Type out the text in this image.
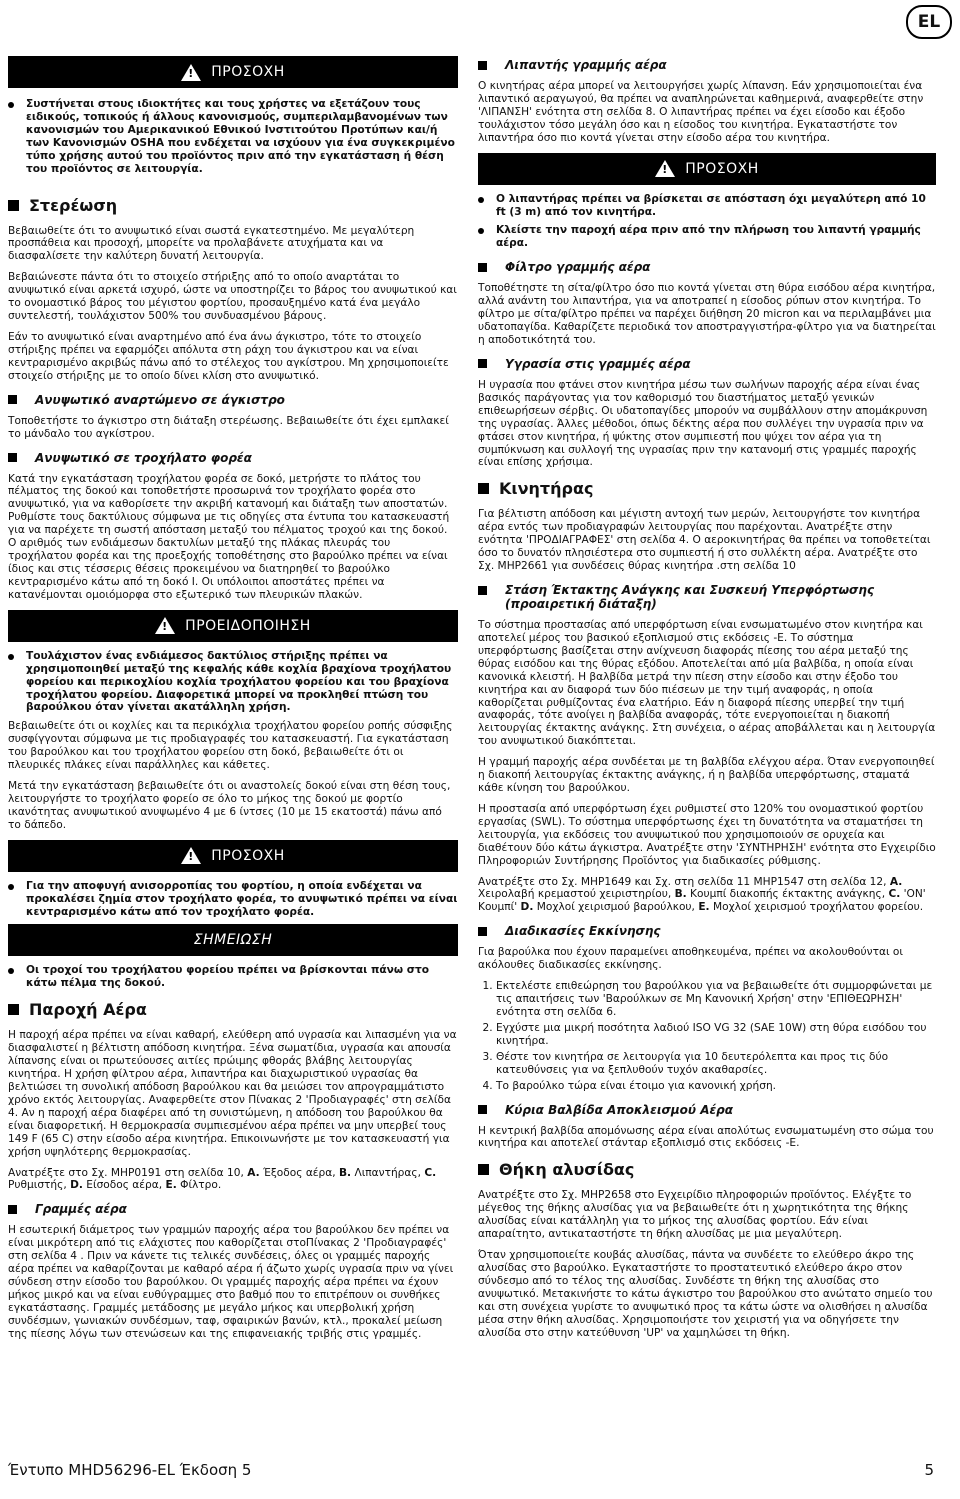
EL
!
ΠΡΟΣΟΧΗ
Συστήνεται στους ιδιοκτήτες και τους χρήστες να εξετάζουν τους ειδικούς, τοπικούς ή άλλους κανονισμούς, συμπεριλαμβανομένων των κανονισμών του Αμερικανικού Εθνικού Ινστιτούτου Προτύπων και/ή των Κανονισμών OSHA που ενδέχεται να ισχύουν για ένα συγκεκριμένο τύπο χρήσης αυτού του προϊόντος πριν από την εγκατάσταση ή θέση του προϊόντος σε λειτουργία.
Στερέωση

Βεβαιωθείτε ότι το ανυψωτικό είναι σωστά εγκατεστημένο. Με μεγαλύτερη προσπάθεια και προσοχή, μπορείτε να προλαβάνετε ατυχήματα και να διασφαλίσετε την καλύτερη δυνατή λειτουργία.

Βεβαιώνεστε πάντα ότι το στοιχείο στήριξης από το οποίο αναρτάται το ανυψωτικό είναι αρκετά ισχυρό, ώστε να υποστηρίζει το βάρος του ανυψωτικού και το ονομαστικό βάρος του μέγιστου φορτίου, προσαυξημένο κατά ένα μεγάλο συντελεστή, τουλάχιστον 500% του συνδυασμένου βάρους.

Εάν το ανυψωτικό είναι αναρτημένο από ένα άνω άγκιστρο, τότε το στοιχείο στήριξης πρέπει να εφαρμόζει απόλυτα στη ράχη του άγκιστρου και να είναι κεντραρισμένο ακριβώς πάνω από το στέλεχος του αγκίστρου. Μη χρησιμοποιείτε στοιχείο στήριξης με το οποίο δίνει κλίση στο ανυψωτικό.

Ανυψωτικό αναρτώμενο σε άγκιστρο

Τοποθετήστε το άγκιστρο στη διάταξη στερέωσης. Βεβαιωθείτε ότι έχει εμπλακεί το μάνδαλο του αγκίστρου.

Ανυψωτικό σε τροχήλατο φορέα

Κατά την εγκατάσταση τροχήλατου φορέα σε δοκό, μετρήστε το πλάτος του πέλματος της δοκού και τοποθετήστε προσωρινά τον τροχήλατο φορέα στο ανυψωτικό, για να καθορίσετε την ακριβή κατανομή και διάταξη των αποστατών. Ρυθμίστε τους δακτύλιους σύμφωνα με τις οδηγίες στα έντυπα του κατασκευαστή για να παρέχετε τη σωστή απόσταση μεταξύ του πέλματος τροχού και της δοκού. Ο αριθμός των ενδιάμεσων δακτυλίων μεταξύ της πλάκας πλευράς του τροχήλατου φορέα και της προεξοχής τοποθέτησης στο βαρούλκο πρέπει να είναι ίδιος και στις τέσσερις θέσεις προκειμένου να διατηρηθεί το βαρούλκο κεντραρισμένο κάτω από τη δοκό Ι. Οι υπόλοιποι αποστάτες πρέπει να κατανέμονται ομοιόμορφα στο εξωτερικό των πλευρικών πλακών.

!
ΠΡΟΕΙΔΟΠΟΙΗΣΗ
Τουλάχιστον ένας ενδιάμεσος δακτύλιος στήριξης πρέπει να χρησιμοποιηθεί μεταξύ της κεφαλής κάθε κοχλία βραχίονα τροχήλατου φορείου και περικοχλίου κοχλία τροχήλατου φορείου και του βραχίονα τροχήλατου φορείου. Διαφορετικά μπορεί να προκληθεί πτώση του βαρούλκου όταν γίνεται ακατάλληλη χρήση.

Βεβαιωθείτε ότι οι κοχλίες και τα περικόχλια τροχήλατου φορείου ροπής σύσφιξης συσφίγγονται σύμφωνα με τις προδιαγραφές του κατασκευαστή. Για εγκατάσταση του βαρούλκου και του τροχήλατου φορείου στη δοκό, βεβαιωθείτε ότι οι πλευρικές πλάκες είναι παράλληλες και κάθετες.

Μετά την εγκατάσταση βεβαιωθείτε ότι οι αναστολείς δοκού είναι στη θέση τους, λειτουργήστε το τροχήλατο φορείο σε όλο το μήκος της δοκού με φορτίο ικανότητας ανυψωτικού ανυψωμένο 4 με 6 ίντσες (10 με 15 εκατοστά) πάνω από το δάπεδο.

!
ΠΡΟΣΟΧΗ
Για την αποφυγή ανισορροπίας του φορτίου, η οποία ενδέχεται να προκαλέσει ζημία στον τροχήλατο φορέα, το ανυψωτικό πρέπει να είναι κεντραρισμένο κάτω από τον τροχήλατο φορέα.
ΣΗΜΕΙΩΣΗ
Οι τροχοί του τροχήλατου φορείου πρέπει να βρίσκονται πάνω στο κάτω πέλμα της δοκού.
Παροχή Αέρα

Η παροχή αέρα πρέπει να είναι καθαρή, ελεύθερη από υγρασία και λιπασμένη για να διασφαλιστεί η βέλτιστη απόδοση κινητήρα. Ξένα σωματίδια, υγρασία και απουσία λίπανσης είναι οι πρωτεύουσες αιτίες πρώιμης φθοράς βλάβης λειτουργίας κινητήρα. Η χρήση φίλτρου αέρα, λιπαντήρα και διαχωριστικού υγρασίας θα βελτιώσει τη συνολική απόδοση βαρούλκου και θα μειώσει τον απρογραμμάτιστο χρόνο εκτός λειτουργίας. Αναφερθείτε στον Πίνακας 2 'Προδιαγραφές' στη σελίδα 4. Αν η παροχή αέρα διαφέρει από τη συνιστώμενη, η απόδοση του βαρούλκου θα είναι διαφορετική. Η θερμοκρασία συμπιεσμένου αέρα πρέπει να μην υπερβεί τους 149 F (65 C) στην είσοδο αέρα κινητήρα. Επικοινωνήστε με τον κατασκευαστή για χρήση υψηλότερης θερμοκρασίας.

Ανατρέξτε στο Σχ. MHP0191 στη σελίδα 10, A. Έξοδος αέρα, B. Λιπαντήρας, C. Ρυθμιστής, D. Είσοδος αέρα, E. Φίλτρο.

Γραμμές αέρα

Η εσωτερική διάμετρος των γραμμών παροχής αέρα του βαρούλκου δεν πρέπει να είναι μικρότερη από τις ελάχιστες που καθορίζεται στοΠίνακας 2 'Προδιαγραφές' στη σελίδα 4 . Πριν να κάνετε τις τελικές συνδέσεις, όλες οι γραμμές παροχής αέρα πρέπει να καθαρίζονται με καθαρό αέρα ή άζωτο χωρίς υγρασία πριν να γίνει σύνδεση στην είσοδο του βαρούλκου. Οι γραμμές παροχής αέρα πρέπει να έχουν μήκος μικρό και να είναι ευθύγραμμες στο βαθμό που το επιτρέπουν οι συνθήκες εγκατάστασης. Γραμμές μετάδοσης με μεγάλο μήκος και υπερβολική χρήση συνδέσμων, γωνιακών συνδέσμων, ταφ, σφαιρικών βανών, κτλ., προκαλεί μείωση της πίεσης λόγω των στενώσεων και της επιφανειακής τριβής στις γραμμές.

Λιπαντής γραμμής αέρα

Ο κινητήρας αέρα μπορεί να λειτουργήσει χωρίς λίπανση. Εάν χρησιμοποιείται ένα λιπαντικό αεραγωγού, θα πρέπει να αναπληρώνεται καθημερινά, αναφερθείτε στην 'ΛΙΠΑΝΣΗ' ενότητα στη σελίδα 8. Ο λιπαντήρας πρέπει να έχει είσοδο και έξοδο τουλάχιστον τόσο μεγάλη όσο και η είσοδος του κινητήρα. Εγκαταστήστε τον λιπαντήρα όσο πιο κοντά γίνεται στην είσοδο αέρα του κινητήρα.

!
ΠΡΟΣΟΧΗ
Ο λιπαντήρας πρέπει να βρίσκεται σε απόσταση όχι μεγαλύτερη από 10 ft (3 m) από τον κινητήρα.
Κλείστε την παροχή αέρα πριν από την πλήρωση του λιπαντή γραμμής αέρα.
Φίλτρο γραμμής αέρα

Τοποθέτηστε τη σίτα/φίλτρο όσο πιο κοντά γίνεται στη θύρα εισόδου αέρα κινητήρα, αλλά ανάντη του λιπαντήρα, για να αποτραπεί η είσοδος ρύπων στον κινητήρα. Το φίλτρο με σίτα/φίλτρο πρέπει να παρέχει διήθηση 20 micron και να περιλαμβάνει μια υδατοπαγίδα. Καθαρίζετε περιοδικά τον αποστραγγιστήρα-φίλτρο για να διατηρείται η αποδοτικότητά του.

Υγρασία στις γραμμές αέρα

Η υγρασία που φτάνει στον κινητήρα μέσω των σωλήνων παροχής αέρα είναι ένας βασικός παράγοντας για τον καθορισμό του διαστήματος μεταξύ γενικών επιθεωρήσεων σέρβις. Οι υδατοπαγίδες μπορούν να συμβάλλουν στην απομάκρυνση της υγρασίας. Άλλες μέθοδοι, όπως δέκτης αέρα που συλλέγει την υγρασία πριν να φτάσει στον κινητήρα, ή ψύκτης στον συμπιεστή που ψύχει τον αέρα για τη συμπύκνωση και συλλογή της υγρασίας πριν την κατανομή στις γραμμές παροχής είναι επίσης χρήσιμα.

Κινητήρας

Για βέλτιστη απόδοση και μέγιστη αντοχή των μερών, λειτουργήστε τον κινητήρα αέρα εντός των προδιαγραφών λειτουργίας που παρέχονται. Ανατρέξτε στην ενότητα 'ΠΡΟΔΙΑΓΡΑΦΕΣ' στη σελίδα 4. Ο αεροκινητήρας θα πρέπει να τοποθετείται όσο το δυνατόν πλησιέστερα στο συμπιεστή ή στο συλλέκτη αέρα. Ανατρέξτε στο Σχ. MHP2661 για συνδέσεις θύρας κινητήρα .στη σελίδα 10

Στάση Έκτακτης Ανάγκης και Συσκευή Υπερφόρτωσης (προαιρετική διάταξη)

Το σύστημα προστασίας από υπερφόρτωση είναι ενσωματωμένο στον κινητήρα και αποτελεί μέρος του βασικού εξοπλισμού στις εκδόσεις -E. Το σύστημα υπερφόρτωσης βασίζεται στην ανίχνευση διαφοράς πίεσης του αέρα μεταξύ της θύρας εισόδου και της θύρας εξόδου. Αποτελείται από μία βαλβίδα, η οποία είναι κανονικά κλειστή. Η βαλβίδα μετρά την πίεση στην είσοδο και στην έξοδο του κινητήρα και αν διαφορά των δύο πιέσεων με την τιμή αναφοράς, η οποία καθορίζεται ρυθμίζοντας ένα ελατήριο. Εάν η διαφορά πίεσης υπερβεί την τιμή αναφοράς, τότε ανοίγει η βαλβίδα αναφοράς, τότε ενεργοποιείται η διακοπή λειτουργίας έκτακτης ανάγκης. Στη συνέχεια, ο αέρας αποβάλλεται και η λειτουργία του ανυψωτικού διακόπτεται.

Η γραμμή παροχής αέρα συνδέεται με τη βαλβίδα ελέγχου αέρα. Όταν ενεργοποιηθεί η διακοπή λειτουργίας έκτακτης ανάγκης, ή η βαλβίδα υπερφόρτωσης, σταματά κάθε κίνηση του βαρούλκου.

Η προστασία από υπερφόρτωση έχει ρυθμιστεί στο 120% του ονομαστικού φορτίου εργασίας (SWL). Το σύστημα υπερφόρτωσης έχει τη δυνατότητα να σταματήσει τη λειτουργία, για εκδόσεις του ανυψωτικού που χρησιμοποιούν σε ορυχεία και διαθέτουν δύο κάτω άγκιστρα. Ανατρέξτε στην 'ΣΥΝΤΗΡΗΣΗ' ενότητα στο Εγχειρίδιο Πληροφοριών Συντήρησης Προϊόντος για διαδικασίες ρύθμισης.

Ανατρέξτε στο Σχ. MHP1649 και Σχ. στη σελίδα 11 MHP1547 στη σελίδα 12, A. Χειρολαβή κρεμαστού χειριστηρίου, B. Κουμπί διακοπής έκτακτης ανάγκης, C. 'ON' Κουμπί' D. Μοχλοί χειρισμού βαρούλκου, E. Μοχλοί χειρισμού τροχήλατου φορείου.

Διαδικασίες Εκκίνησης

Για βαρούλκα που έχουν παραμείνει αποθηκευμένα, πρέπει να ακολουθούνται οι ακόλουθες διαδικασίες εκκίνησης.

1. Εκτελέστε επιθεώρηση του βαρούλκου για να βεβαιωθείτε ότι συμμορφώνεται με τις απαιτήσεις των 'Βαρούλκων σε Μη Κανονική Χρήση' στην 'ΕΠΙΘΕΩΡΗΣΗ' ενότητα στη σελίδα 6.
2. Εγχύστε μια μικρή ποσότητα λαδιού ISO VG 32 (SAE 10W) στη θύρα εισόδου του κινητήρα.
3. Θέστε τον κινητήρα σε λειτουργία για 10 δευτερόλεπτα και προς τις δύο κατευθύνσεις για να ξεπλυθούν τυχόν ακαθαρσίες.
4. Το βαρούλκο τώρα είναι έτοιμο για κανονική χρήση.
Κύρια Βαλβίδα Αποκλεισμού Αέρα

Η κεντρική βαλβίδα απομόνωσης αέρα είναι απολύτως ενσωματωμένη στο σώμα του κινητήρα και αποτελεί στάνταρ εξοπλισμό στις εκδόσεις -E.

Θήκη αλυσίδας

Ανατρέξτε στο Σχ. MHP2658 στο Εγχειρίδιο πληροφοριών προϊόντος. Ελέγξτε το μέγεθος της θήκης αλυσίδας για να βεβαιωθείτε ότι η χωρητικότητα της θήκης αλυσίδας είναι κατάλληλη για το μήκος της αλυσίδας φορτίου. Εάν είναι απαραίτητο, αντικαταστήστε τη θήκη αλυσίδας με μια μεγαλύτερη.

Όταν χρησιμοποιείτε κουβάς αλυσίδας, πάντα να συνδέετε το ελεύθερο άκρο της αλυσίδας στο βαρούλκο. Εγκαταστήστε το προστατευτικό ελεύθερο άκρο στον σύνδεσμο από το τέλος της αλυσίδας. Συνδέστε τη θήκη της αλυσίδας στο ανυψωτικό. Μετακινήστε το κάτω άγκιστρο του βαρούλκου στο ανώτατο σημείο του και στη συνέχεια γυρίστε το ανυψωτικό προς τα κάτω ώστε να ολισθήσει η αλυσίδα μέσα στην θήκη αλυσίδας. Χρησιμοποιήστε τον χειριστή για να οδηγήσετε την αλυσίδα στο στην κατεύθυνση 'UP' να χαμηλώσει τη θήκη.

Έντυπο MHD56296-EL Έκδοση 5	5
